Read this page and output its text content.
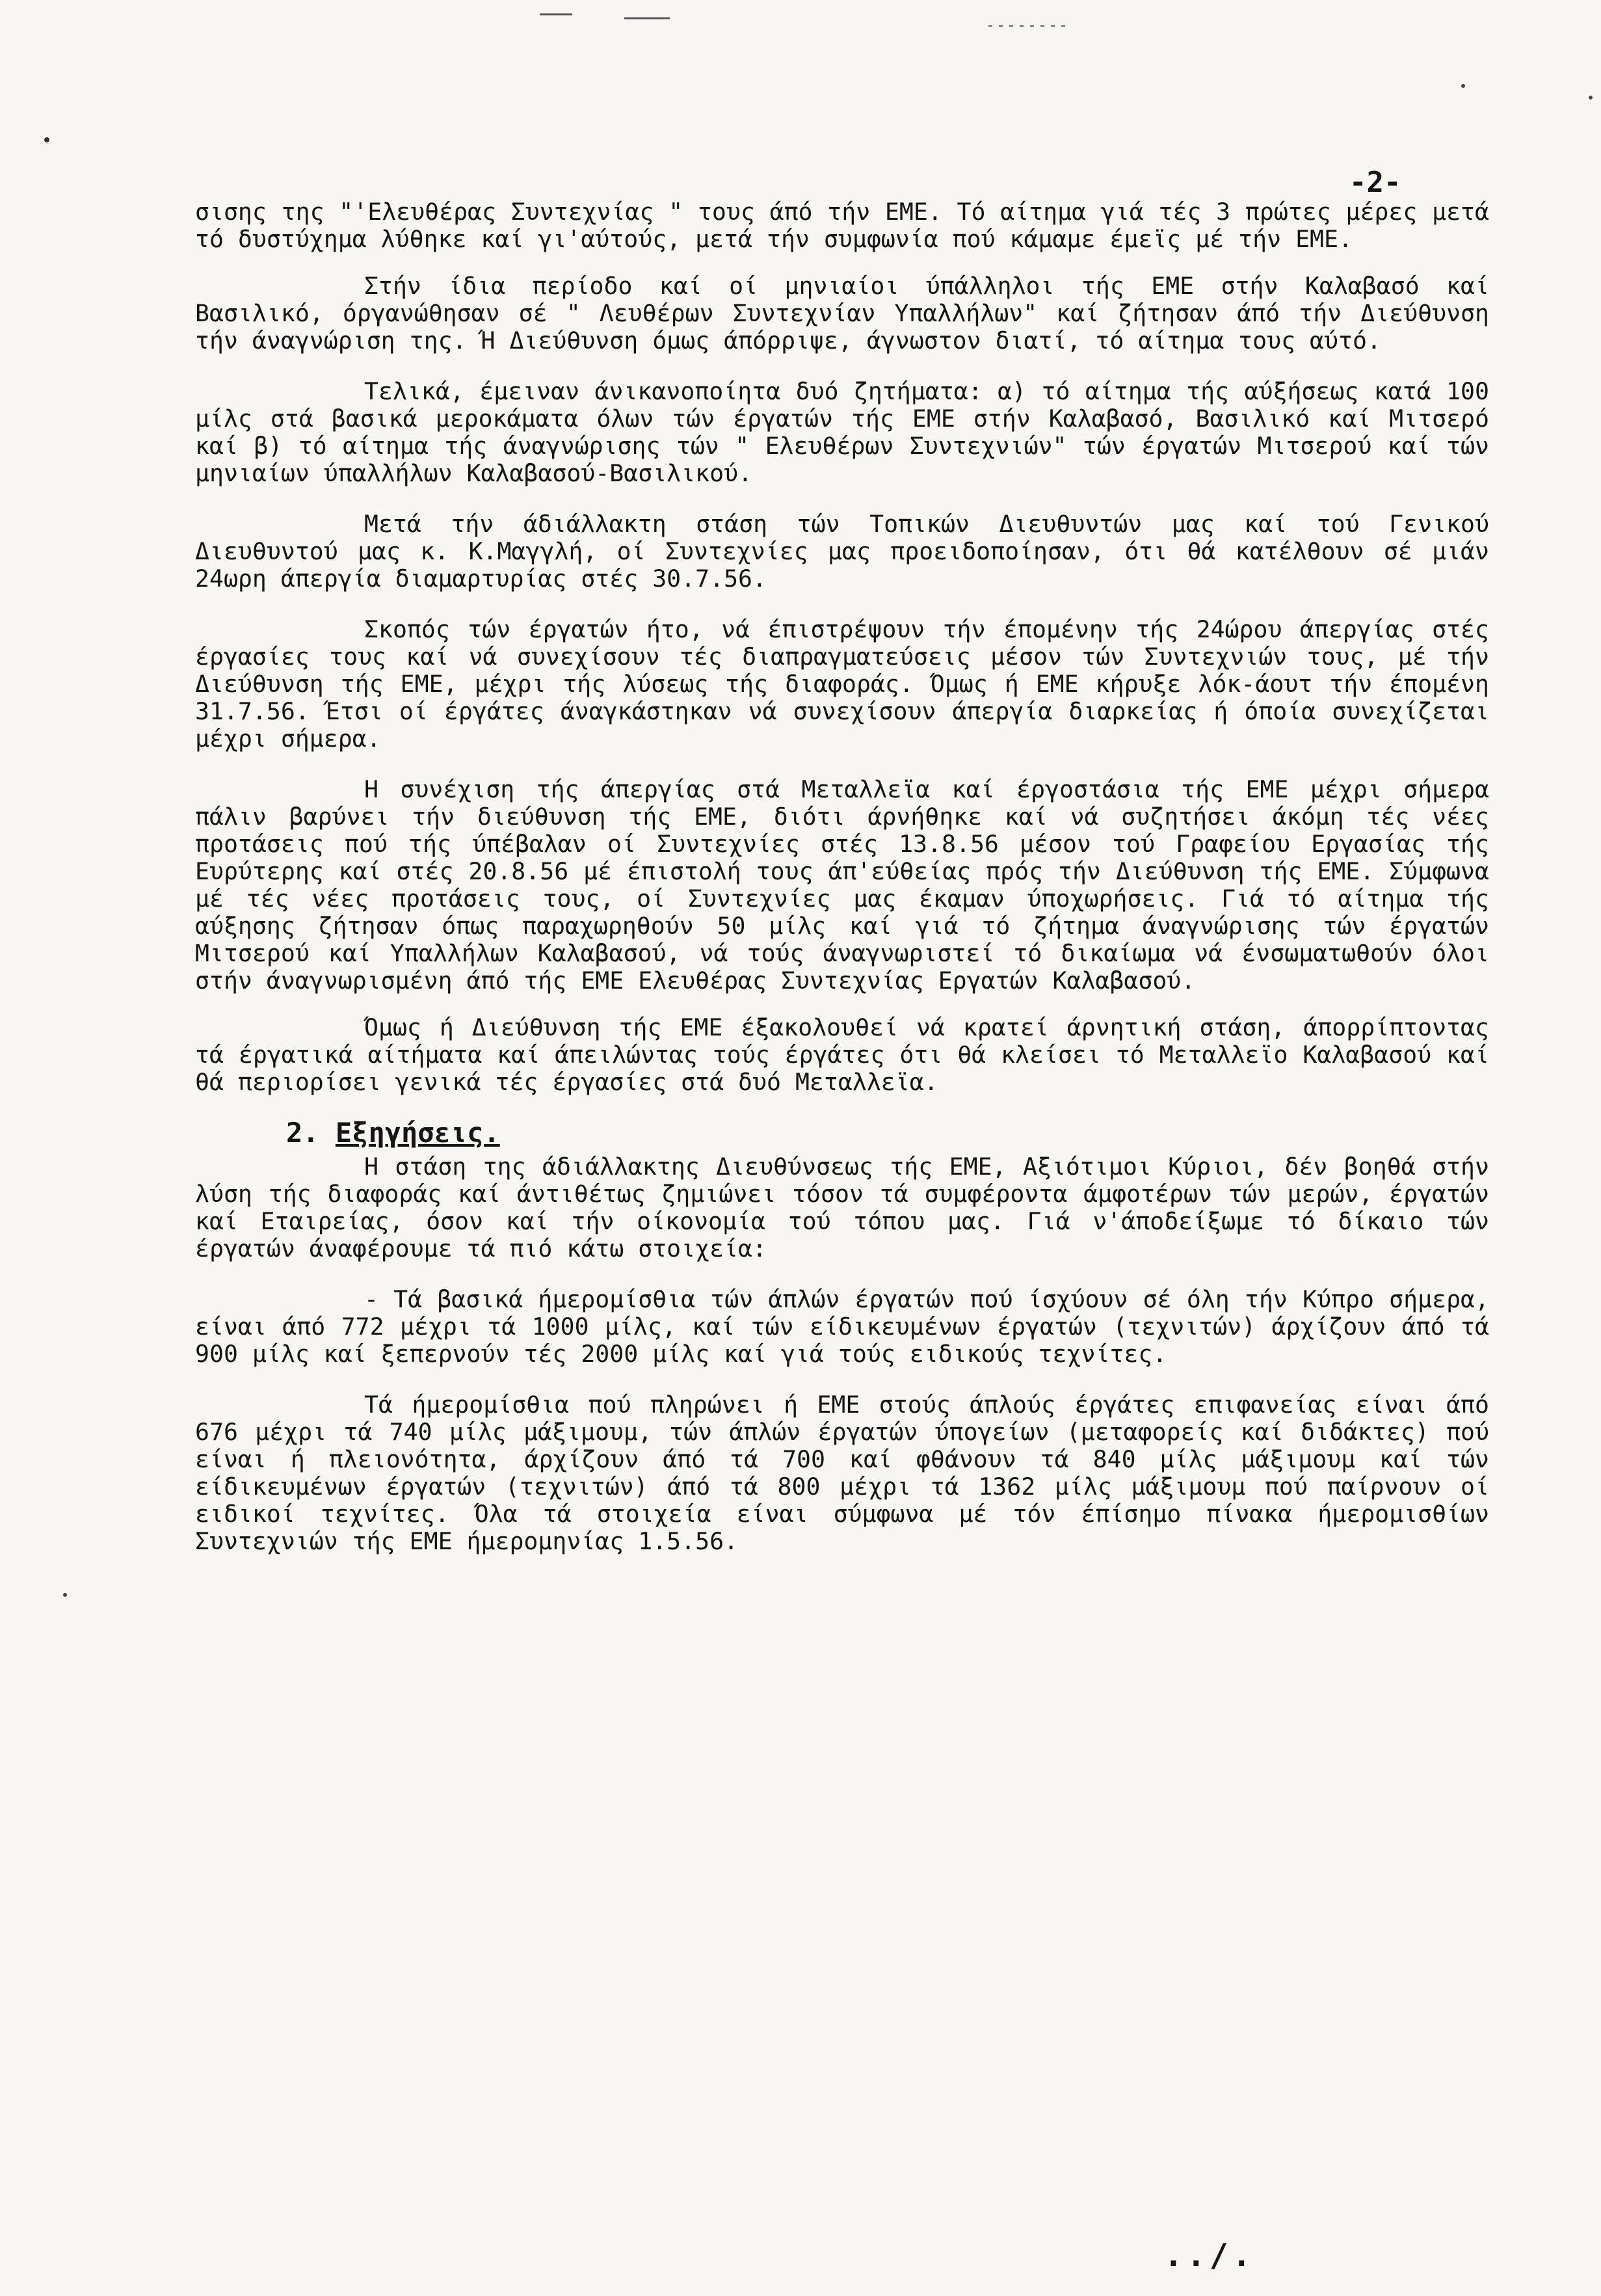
-2-

σισης της "'Ελευθέρας Συντεχνίας " τους άπό τήν ΕΜΕ. Τό αίτημα γιά τές 3 πρώτες μέρες μετά τό δυστύχημα λύθηκε καί γι'αύτούς, μετά τήν συμφωνία πού κάμαμε έμεϊς μέ τήν ΕΜΕ.

Στήν ίδια περίοδο καί οί μηνιαίοι ύπάλληλοι τής ΕΜΕ στήν Καλαβασό καί Βασιλικό, όργανώθησαν σέ " Λευθέρων Συντεχνίαν Υπαλλήλων" καί ζήτησαν άπό τήν Διεύθυνση τήν άναγνώριση της. Ή Διεύθυνση όμως άπόρριψε, άγνωστον διατί, τό αίτημα τους αύτό.

Τελικά, έμειναν άνικανοποίητα δυό ζητήματα: α) τό αίτημα τής αύξήσεως κατά 100 μίλς στά βασικά μεροκάματα όλων τών έργατών τής ΕΜΕ στήν Καλαβασό, Βασιλικό καί Μιτσερό καί β) τό αίτημα τής άναγνώρισης τών " Ελευθέρων Συντεχνιών" τών έργατών Μιτσερού καί τών μηνιαίων ύπαλλήλων Καλαβασού-Βασιλικού.

Μετά τήν άδιάλλακτη στάση τών Τοπικών Διευθυντών μας καί τού Γενικού Διευθυντού μας κ. Κ.Μαγγλή, οί Συντεχνίες μας προειδοποίησαν, ότι θά κατέλθουν σέ μιάν 24ωρη άπεργία διαμαρτυρίας στές 30.7.56.

Σκοπός τών έργατών ήτο, νά έπιστρέψουν τήν έπομένην τής 24ώρου άπεργίας στές έργασίες τους καί νά συνεχίσουν τές διαπραγματεύσεις μέσον τών Συντεχνιών τους, μέ τήν Διεύθυνση τής ΕΜΕ, μέχρι τής λύσεως τής διαφοράς. Όμως ή ΕΜΕ κήρυξε λόκ-άουτ τήν έπομένη 31.7.56. Έτσι οί έργάτες άναγκάστηκαν νά συνεχίσουν άπεργία διαρκείας ή όποία συνεχίζεται μέχρι σήμερα.

Η συνέχιση τής άπεργίας στά Μεταλλεϊα καί έργοστάσια τής ΕΜΕ μέχρι σήμερα πάλιν βαρύνει τήν διεύθυνση τής ΕΜΕ, διότι άρνήθηκε καί νά συζητήσει άκόμη τές νέες προτάσεις πού τής ύπέβαλαν οί Συντεχνίες στές 13.8.56 μέσον τού Γραφείου Εργασίας τής Ευρύτερης καί στές 20.8.56 μέ έπιστολή τους άπ'εύθείας πρός τήν Διεύθυνση τής ΕΜΕ. Σύμφωνα μέ τές νέες προτάσεις τους, οί Συντεχνίες μας έκαμαν ύποχωρήσεις. Γιά τό αίτημα τής αύξησης ζήτησαν όπως παραχωρηθούν 50 μίλς καί γιά τό ζήτημα άναγνώρισης τών έργατών Μιτσερού καί Υπαλλήλων Καλαβασού, νά τούς άναγνωριστεί τό δικαίωμα νά ένσωματωθούν όλοι στήν άναγνωρισμένη άπό τής ΕΜΕ Ελευθέρας Συντεχνίας Εργατών Καλαβασού.

Όμως ή Διεύθυνση τής ΕΜΕ έξακολουθεί νά κρατεί άρνητική στάση, άπορρίπτοντας τά έργατικά αίτήματα καί άπειλώντας τούς έργάτες ότι θά κλείσει τό Μεταλλεϊο Καλαβασού καί θά περιορίσει γενικά τές έργασίες στά δυό Μεταλλεϊα.

2. Εξηγήσεις.

Η στάση της άδιάλλακτης Διευθύνσεως τής ΕΜΕ, Αξιότιμοι Κύριοι, δέν βοηθά στήν λύση τής διαφοράς καί άντιθέτως ζημιώνει τόσον τά συμφέροντα άμφοτέρων τών μερών, έργατών καί Εταιρείας, όσον καί τήν οίκονομία τού τόπου μας. Γιά ν'άποδείξωμε τό δίκαιο τών έργατών άναφέρουμε τά πιό κάτω στοιχεία:

- Τά βασικά ήμερομίσθια τών άπλών έργατών πού ίσχύουν σέ όλη τήν Κύπρο σήμερα, είναι άπό 772 μέχρι τά 1000 μίλς, καί τών είδικευμένων έργατών (τεχνιτών) άρχίζουν άπό τά 900 μίλς καί ξεπερνούν τές 2000 μίλς καί γιά τούς ειδικούς τεχνίτες.

Τά ήμερομίσθια πού πληρώνει ή ΕΜΕ στούς άπλούς έργάτες επιφανείας είναι άπό 676 μέχρι τά 740 μίλς μάξιμουμ, τών άπλών έργατών ύπογείων (μεταφορείς καί διδάκτες) πού είναι ή πλειονότητα, άρχίζουν άπό τά 700 καί φθάνουν τά 840 μίλς μάξιμουμ καί τών είδικευμένων έργατών (τεχνιτών) άπό τά 800 μέχρι τά 1362 μίλς μάξιμουμ πού παίρνουν οί ειδικοί τεχνίτες. Όλα τά στοιχεία είναι σύμφωνα μέ τόν έπίσημο πίνακα ήμερομισθίων Συντεχνιών τής ΕΜΕ ήμερομηνίας 1.5.56.

../.
